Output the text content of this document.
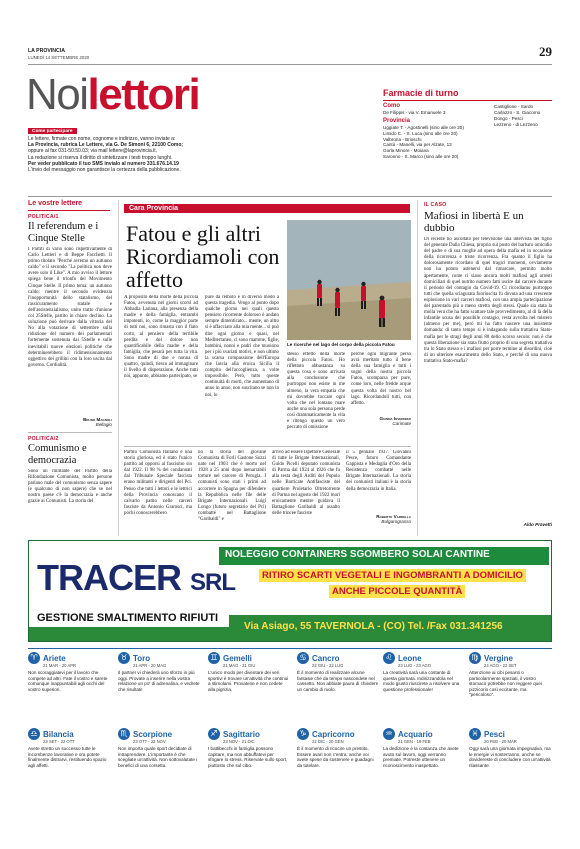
LA PROVINCIA
LUNEDÌ 14 SETTEMBRE 2020	29
Noilettori
Come partecipare
Le lettere, firmate con nome, cognome e indirizzo, vanno inviate a:
La Provincia, rubrica Le Lettere, via G. De Simoni 6, 22100 Como;
oppure al fax 031-50.50.03; via mail lettere@laprovincia.it.
La redazione si riserva il diritto di sintetizzare i testi troppo lunghi.
Per veder pubblicato il tuo SMS invialo al numero 331.676.14.19
L'invio del messaggio non garantisce la certezza della pubblicazione.
Farmacie di turno
Como
De Filippis - via V. Emanuele 3
Provincia
Uggiate T. - Agostinelli (sino alle ore 20)
Limido C. - S. Luca (sino alle ore 20)
Valbrona - Brioschi
Cantù - Manelli, via per Alzate, 13
Gorla Minore - Moiana
Saronno - S. Marco (sino alle ore 20)
Castiglione - Sardo
Carlazzo - S. Giacomo
Dongo - Pesci
Lezzeno - di Lezzeno
Le vostre lettere
POLITICA/1
Il referendum e i Cinque Stelle
I Partiti di vario sono rispettivamente di Carlo Lettieri e di Beppe Facchetti. Il primo titolato "Perché avremo un autunno caldo" e il secondo "La politica non deve avere solo il Like". A mio avviso il lettore spiega bene il trionfo del Movimento Cinque Stelle. Il primo tema: un autunno caldo: mentre il secondo evidenzia l'inopportunità dello statalismo, del rassicuramento statale e dell'assistenzialismo, unito tratto d'unione col 25Stelle, partito in chiaro declino. La soluzione può derivare dalla vittoria del No alla votazione di settembre sulla riduzione del numero dei parlamentari fortemente sostenuta dai 5Stelle e sulle inevitabili nuove elezioni politiche che determinerebbero il ridimensionamento oggettivo dei grillini con la loro uscita dal governo. Cordialità.
Bruno Magnoli
Bellagio
POLITICA/2
Comunismo e democrazia
Sono un militante del Partito della Rifondazione Comunista, molto persone parlano male del comunismo senza sapere (e qualcuno di non sapere) che se nel nostro paese c'è la democrazia e anche grazie ai Comunisti. La storia del
Cara Provincia
Fatou e gli altri Ricordiamoli con affetto
A proposito della morte della piccola Fatou, avvenuta nei giorni scorsi ad Abbadia Lariana, alla presenza della madre e della famiglia, entrambi impotenti, io, come la maggior parte di tutti noi, sono rimasta con il fiato corto, al pensiero della terribile perdita e del dolore non quantificabile della madre e della famiglia, che pesarà per tutta la vita. Sono madre di due e nonna di quattro, quindi, riesco ad immaginare il livello di disperazione. Anche tutti noi, appunto, abbiamo partecipato, se
pure da remoto e in diverso modo a questa tragedia. Vengo al punto dopo qualche giorno nei quali questo pensiero ricorrente doloroso è andato sempre dimenticato... mente, un altro sì è affacciato alla mia mente... si può dire ogni giorno o quasi, nel Mediterraneo, ci sono mamme, figlie, bambini, nonni e padri che muoiono per i più svariati motivi, e non ultimo la scarsa compassione dell'Europa che lascia alla eroica Sicilia il compito dell'accoglienza, a volte impossibile. Però, tutto queste continuità di morti, che aumentano di anno in anno, non suscitano se non in noi, lo
Le ricerche nel lago del corpo della piccola Fatou
stesso effetto della morte della piccola Fatou. Ho riflettuto abbastanza su questa cosa e sono arrivata alla conclusione che purtroppo non esiste in me almeno, la vera empatia che mi dovrebbe toccare ogni volta che nel lontano mare anche una sola persona perde così drammaticamente la vita e ritengo questo un vero peccato di omissione
perché ogni migrante perso avrà meritato tutto il bene della sua famiglia e tutti i sogni della nostra piccola Fatou, scomparsa per pure, come loro, nelle fredde acque questa volta del nostro bel lago. Ricordandoli tutti, con affetto.
Gianna Invernizzi
Carimate
Partito Comunista Italiano è una storia gloriosa, ed è stato l'unico partito ad opporsi al fascismo sin dal 1922. Il 98 % dei condannati dal Tribunale Speciale fascista erano militanti e dirigenti del Pci. Penso che tutti i lettori e le lettrici della Provincia conoscano il calvario patito nelle carceri fasciste da Antonio Gramsci, ma pochi conoscerebbero
no la storia del giovane Comunista di Forlì Gastone Sozzi nato nel 1903 che è morto nel 1928 a 25 anni dopo inenarrabili torture nel carcere di Perugia. I comunisti sono stati i primi ad accorrere in Spagna per difendere la Repubblica nelle file delle Brigate Internazionali. Luigi Longo (futuro segretario del Pci) combatté nel Battaglione "Garibaldi" e
arrivò ad essere Ispettore Generale di tutte le Brigate Internazionali, Guido Picelli deputato comunista di Parma dal 1924 al 1926 che fu alla testa degli Arditi del Popolo nelle Barricate Antifasciste del quartiere Proletario Oltretorrente di Parma nel agosto del 1922 morì eroicamente mentre guidava il Battaglione Garibaldi al assalto delle trincee fasciste
il 5 gennaio 1937. Giovanni Pesce, futuro Comandante Gappista e Medaglia d'Oro della Resistenza combatté nelle Brigate Internazionali. La storia dei comunisti italiani è la storia della democrazia in Italia.
Roberto Vardella
Bulgarograsso
IL CASO
Mafiosi in libertà E un dubbio
Di recente ho ascoltato per televisione una intervista del figlio del generale Dalla Chiesa, proprio sul posto del barbaro omicidio del padre e di sua moglie ad opera della mafia ed in occasione della ricorrenza e triste ricorrenza. Fra quanto il figlio ha dolorosamente ricordato di quei tragici momenti, ovviamente non ha potuto astenersi dal rimarcare, permito molto apertamente, come ci siano ancora molti mafiosi agli arresti domiciliari di quel nutrito numero fatti uscire dal carcere durante il periodo del contagio da Covid-19. Ci ricordiamo purtroppo tutti che quella sciagurata fuoriuscita fu dovuta ad una crescente esplosione in vari carceri mafiosi, con una ampia partecipazione del parentado più o meno stretto degli stessi. Quale sia stata la molla vera che ha fatto scattare tale provvedimento, al di là della infantile scusa del possibile contagio, resta avvolta nel mistero (almeno per me), però mi ha fatto nascere una insistente domanda: di tanto tempo si è indagando sulla trattativa Stato-mafia per le stragi degli anni 80 dello scorso secolo: non è che questa liberazione sia stata frutto proprio di una segreta trattativa tra lo Stato stesso e i mafiosi per porre termine ai disordini, cioè di un ulteriore esaurimento dello Stato, e perché di una nuova trattativa Stato-mafia?
Aldo Pravetti
TRACER SRL
NOLEGGIO CONTAINERS SGOMBERO SOLAI CANTINE
RITIRO SCARTI VEGETALI E INGOMBRANTI A DOMICILIO
ANCHE PICCOLE QUANTITÀ
GESTIONE SMALTIMENTO RIFIUTI
Via Asiago, 55 TAVERNOLA - (CO) Tel. /Fax 031.341256
♈ Ariete
21 MAR - 20 APR
Non scoraggiatevi per il lavoro che compete ad altri. Fate il vostro e sarete comunque inappuntabili agli occhi del vostro superiori.
♉ Toro
21 APR - 20 MAG
Il partner vi chiederà uno sforzo in più oggi. Provate a inserire nella vostra relazione un po' di adrenalina, e vedrete che risultati!
♊ Gemelli
21 MAG - 21 GIU
L'unico modo per diventare dei veri sportivi è trovare un'attività che continui a stimolarvi. Provatene e non cedete alla pigrizia.
♋ Cancro
22 GIU - 22 LUG
È il momento di realizzare alcune fantasie che da tempo nascondete nel cassetto. Non abbiate paura di chiedere un cambio di ruolo.
♌ Leone
23 LUG - 23 AGO
La creatività sarà una costante di questa giornata. Indirizzandola nel modo giusto riuscirete a risolvere una questione professionale!
♍ Vergine
24 AGO - 22 SET
Attenzione ai cibi pesanti o particolarmente speziati, il vostro stomaco potrebbe non reggere quei pizzicorio così eccitante, ma "pericoloso".
♎ Bilancia
23 SET - 22 OTT
Avete stretto un successo tutte le incombenze lavorative e ora potete finalmente distrarvi, restituendo spazio agli affetti.
♏ Scorpione
23 OTT - 22 NOV
Non importa quale sport decidiate di intraprendere. L'importante è che scegliate un'attività. Non sottovalutate i benefici di una corsetta.
♐ Sagittario
23 NOV - 21 DIC
I battibecchi in famiglia possono capitare, ma non abbuffatevi per sfogare lo stress. Riservate sullo sport, piuttosto che sul cibo.
♑ Capricorno
22 DIC - 20 GEN
È il momento di ricucire un prestito. Essere avari non c'entra: anche voi avete spese da sostenere e guadagni da tutelare.
♒ Acquario
21 GEN - 19 FEB
La dedizione è la costanza che avete avuto sul lavoro, oggi verranno premiate. Potreste ottenere un riconoscimento inaspettato.
♓ Pesci
20 FEB - 20 MAR
Oggi sarà una giornata impegnativa, ma le energie vi sosterranno, anche se dovidereste di concludere con un'attività rilassante.
